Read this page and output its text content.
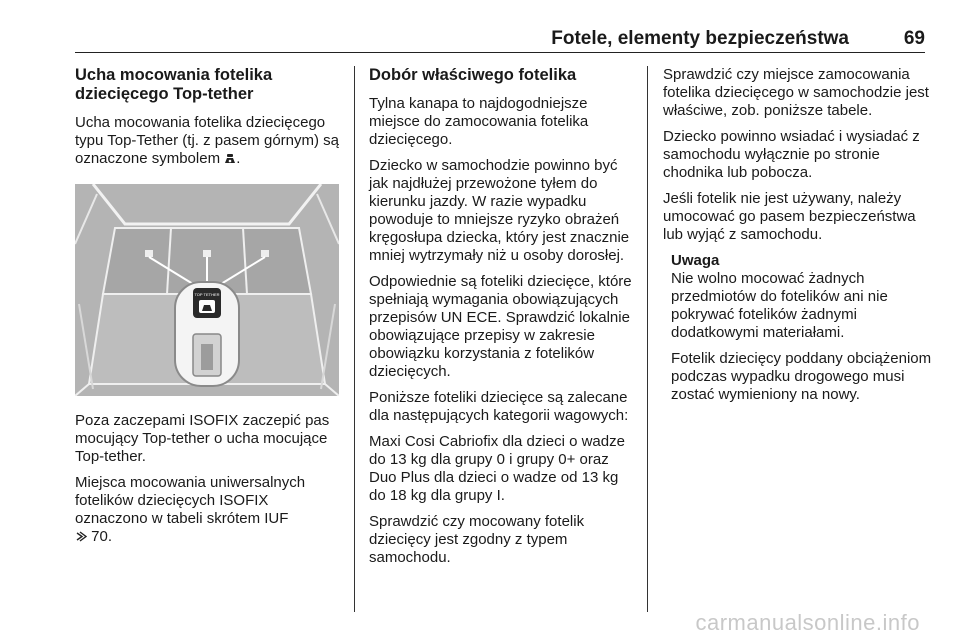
Fotele, elementy bezpieczeństwa	69
Ucha mocowania fotelika
dziecięcego Top-tether

Ucha mocowania fotelika dziecięcego typu Top-Tether (tj. z pasem górnym) są oznaczone symbolem .

TOP TETHER

Poza zaczepami ISOFIX zaczepić pas mocujący Top-tether o ucha mocujące Top-tether.

Miejsca mocowania uniwersalnych fotelików dziecięcych ISOFIX oznaczono w tabeli skrótem IUF
70.

Dobór właściwego fotelika

Tylna kanapa to najdogodniejsze miejsce do zamocowania fotelika dziecięcego.

Dziecko w samochodzie powinno być jak najdłużej przewożone tyłem do kierunku jazdy. W razie wypadku powoduje to mniejsze ryzyko obrażeń kręgosłupa dziecka, który jest znacznie mniej wytrzymały niż u osoby dorosłej.

Odpowiednie są foteliki dziecięce, które spełniają wymagania obowiązujących przepisów UN ECE. Sprawdzić lokalnie obowiązujące przepisy w zakresie obowiązku korzystania z fotelików dziecięcych.

Poniższe foteliki dziecięce są zalecane dla następujących kategorii wagowych:

Maxi Cosi Cabriofix dla dzieci o wadze do 13 kg dla grupy 0 i grupy 0+ oraz Duo Plus dla dzieci o wadze od 13 kg do 18 kg dla grupy I.

Sprawdzić czy mocowany fotelik dziecięcy jest zgodny z typem samochodu.

Sprawdzić czy miejsce zamocowania fotelika dziecięcego w samochodzie jest właściwe, zob. poniższe tabele.

Dziecko powinno wsiadać i wysiadać z samochodu wyłącznie po stronie chodnika lub pobocza.

Jeśli fotelik nie jest używany, należy umocować go pasem bezpieczeństwa lub wyjąć z samochodu.

Uwaga

Nie wolno mocować żadnych przedmiotów do fotelików ani nie pokrywać fotelików żadnymi dodatkowymi materiałami.

Fotelik dziecięcy poddany obciążeniom podczas wypadku drogowego musi zostać wymieniony na nowy.

carmanualsonline.info
